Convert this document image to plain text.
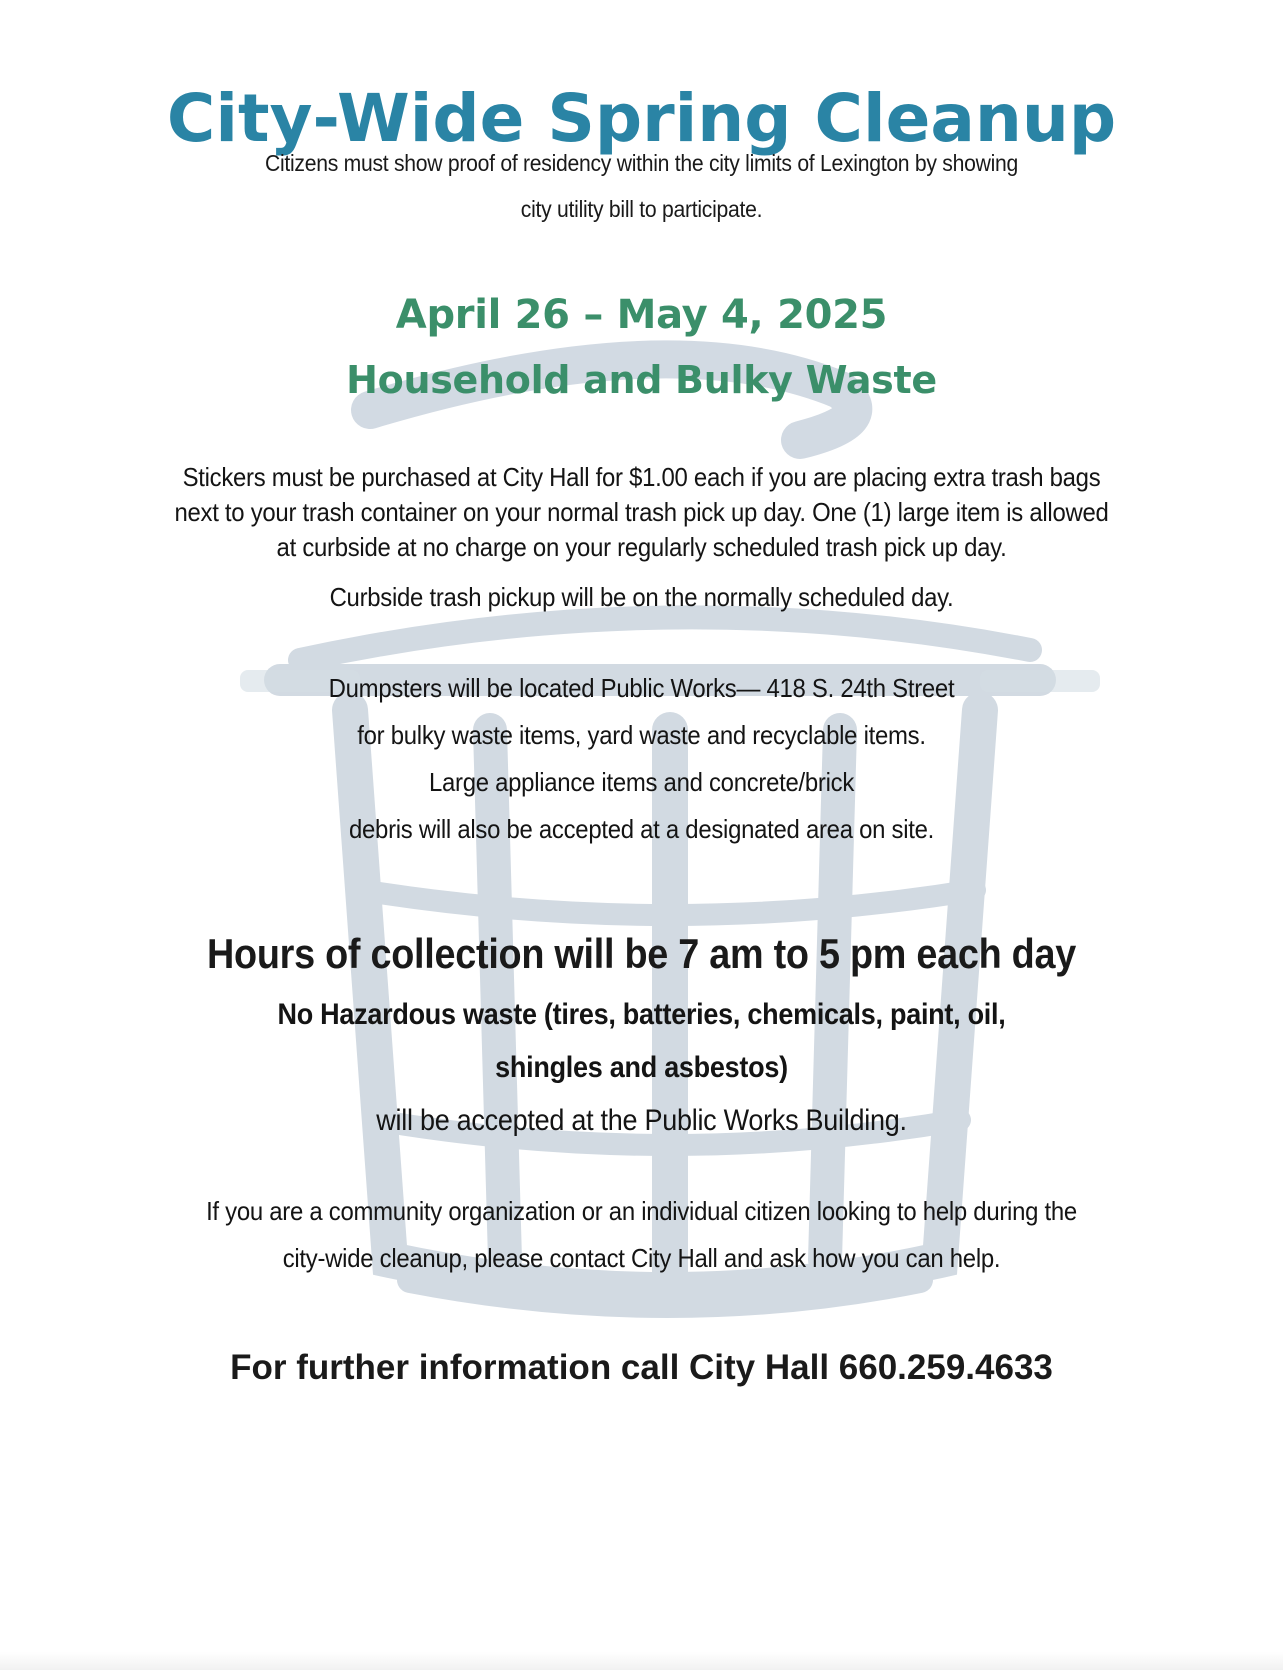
City-Wide Spring Cleanup
Citizens must show proof of residency within the city limits of Lexington by showing
city utility bill to participate.
April 26 – May 4, 2025
Household and Bulky Waste
Stickers must be purchased at City Hall for $1.00 each if you are placing extra trash bags
next to your trash container on your normal trash pick up day. One (1) large item is allowed
at curbside at no charge on your regularly scheduled trash pick up day.
Curbside trash pickup will be on the normally scheduled day.
Dumpsters will be located Public Works— 418 S. 24th Street
for bulky waste items, yard waste and recyclable items.
Large appliance items and concrete/brick
debris will also be accepted at a designated area on site.
Hours of collection will be 7 am to 5 pm each day
No Hazardous waste (tires, batteries, chemicals, paint, oil,
shingles and asbestos)
will be accepted at the Public Works Building.
If you are a community organization or an individual citizen looking to help during the
city-wide cleanup, please contact City Hall and ask how you can help.
For further information call City Hall 660.259.4633
